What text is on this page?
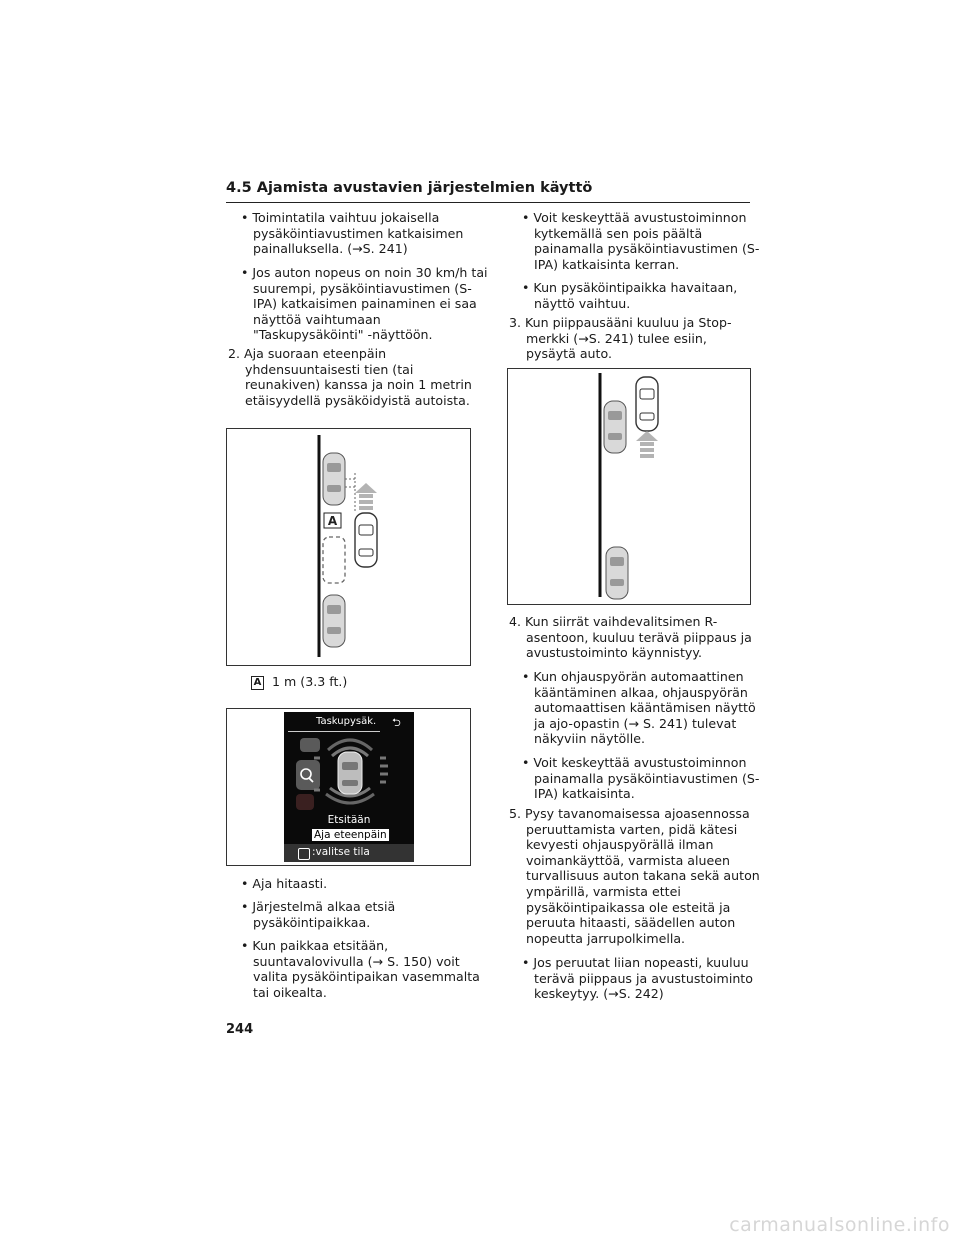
4.5 Ajamista avustavien järjestelmien käyttö
• Toimintatila vaihtuu jokaisella pysäköintiavustimen katkaisimen painalluksella. (→S. 241)
• Jos auton nopeus on noin 30 km/h tai suurempi, pysäköintiavustimen (S-IPA) katkaisimen painaminen ei saa näyttöä vaihtumaan "Taskupysäköinti" -näyttöön.
2. Aja suoraan eteenpäin yhdensuuntaisesti tien (tai reunakiven) kanssa ja noin 1 metrin etäisyydellä pysäköidyistä autoista.
A
A 1 m (3.3 ft.)
Taskupysäk. ⮌
Etsitään
Aja eteenpäin
:valitse tila
• Aja hitaasti.
• Järjestelmä alkaa etsiä pysäköintipaikkaa.
• Kun paikkaa etsitään, suuntavalovivulla (→ S. 150) voit valita pysäköintipaikan vasemmalta tai oikealta.
• Voit keskeyttää avustustoiminnon kytkemällä sen pois päältä painamalla pysäköintiavustimen (S-IPA) katkaisinta kerran.
• Kun pysäköintipaikka havaitaan, näyttö vaihtuu.
3. Kun piippausääni kuuluu ja Stop-merkki (→S. 241) tulee esiin, pysäytä auto.
4. Kun siirrät vaihdevalitsimen R-asentoon, kuuluu terävä piippaus ja avustustoiminto käynnistyy.
• Kun ohjauspyörän automaattinen kääntäminen alkaa, ohjauspyörän automaattisen kääntämisen näyttö ja ajo-opastin (→ S. 241) tulevat näkyviin näytölle.
• Voit keskeyttää avustustoiminnon painamalla pysäköintiavustimen (S-IPA) katkaisinta.
5. Pysy tavanomaisessa ajoasennossa peruuttamista varten, pidä kätesi kevyesti ohjauspyörällä ilman voimankäyttöä, varmista alueen turvallisuus auton takana sekä auton ympärillä, varmista ettei pysäköintipaikassa ole esteitä ja peruuta hitaasti, säädellen auton nopeutta jarrupolkimella.
• Jos peruutat liian nopeasti, kuuluu terävä piippaus ja avustustoiminto keskeytyy. (→S. 242)
244
carmanualsonline.info
